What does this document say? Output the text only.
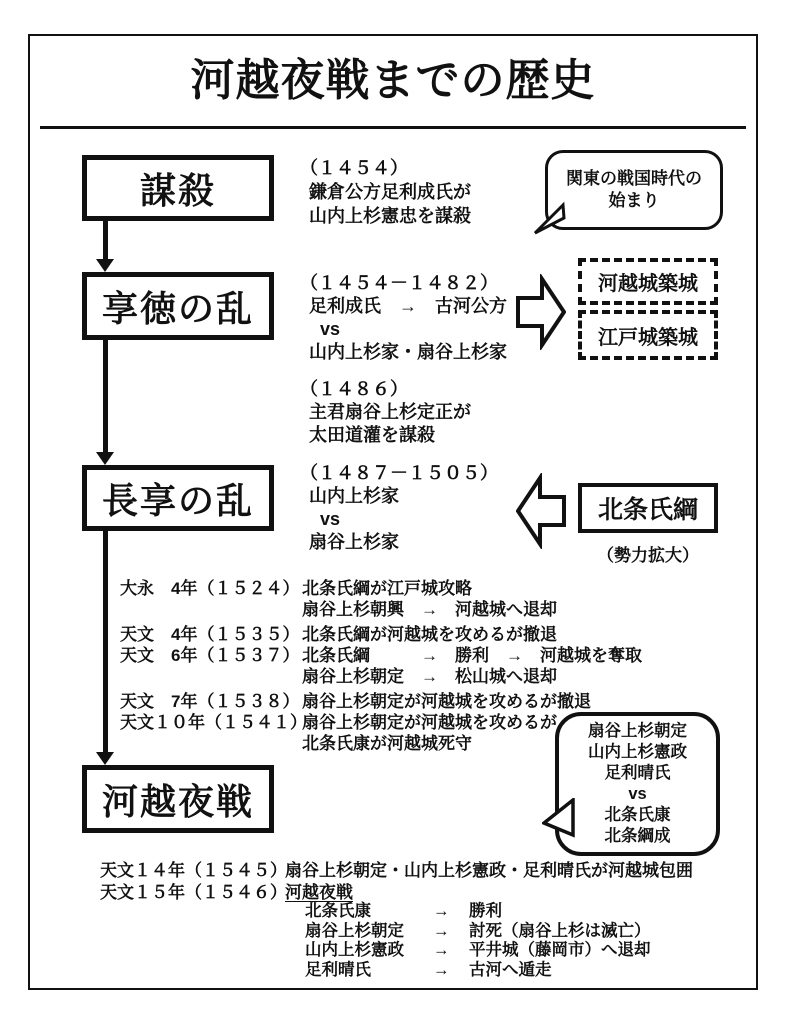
河越夜戦までの歴史
謀殺
（１４５４）
鎌倉公方足利成氏が
山内上杉憲忠を謀殺
関東の戦国時代の
始まり
享徳の乱
（１４５４－１４８２）
足利成氏　→　古河公方
vs
山内上杉家・扇谷上杉家
河越城築城
江戸城築城
（１４８６）
主君扇谷上杉定正が
太田道灌を謀殺
長享の乱
（１４８７－１５０５）
山内上杉家
vs
扇谷上杉家
北条氏綱
（勢力拡大）
大永　4年（１５２４） 北条氏綱が江戸城攻略
扇谷上杉朝興　→　河越城へ退却
天文　4年（１５３５） 北条氏綱が河越城を攻めるが撤退
天文　6年（１５３７） 北条氏綱　　　→　勝利　→　河越城を奪取
扇谷上杉朝定　→　松山城へ退却
天文　7年（１５３８） 扇谷上杉朝定が河越城を攻めるが撤退
天文１０年（１５４１）
扇谷上杉朝定が河越城を攻めるが
北条氏康が河越城死守
河越夜戦
扇谷上杉朝定
山内上杉憲政
足利晴氏
vs
北条氏康
北条綱成
天文１４年（１５４５）
扇谷上杉朝定・山内上杉憲政・足利晴氏が河越城包囲
天文１５年（１５４６）
河越夜戦
北条氏康	→	勝利
扇谷上杉朝定	→	討死（扇谷上杉は滅亡）
山内上杉憲政	→	平井城（藤岡市）へ退却
足利晴氏	→	古河へ遁走
